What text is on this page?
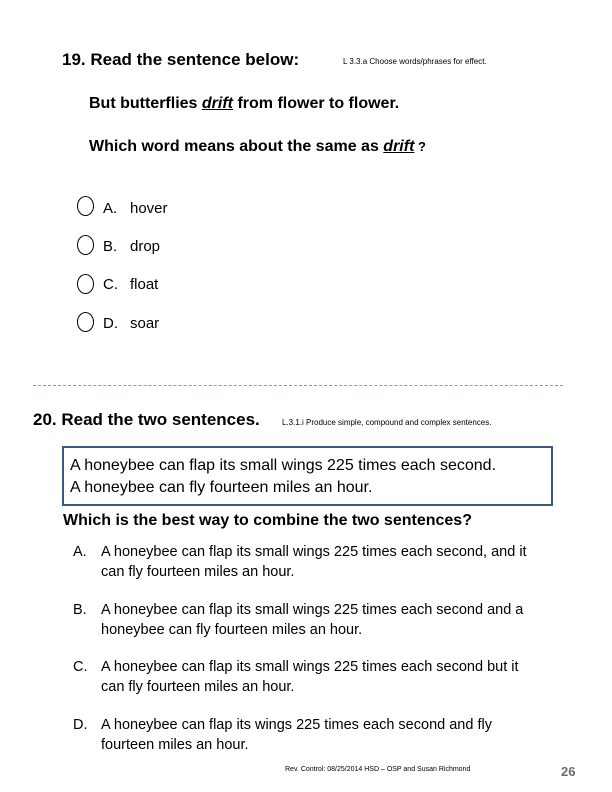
19. Read the sentence below:	L 3.3.a Choose words/phrases for effect.
But butterflies drift from flower to flower.
Which word means about the same as drift ?
A. hover
B. drop
C. float
D. soar
20. Read the two sentences.	L.3.1.i Produce simple, compound and complex sentences.
A honeybee can flap its small wings 225 times each second.
A honeybee can fly fourteen miles an hour.
Which is the best way to combine the two sentences?
A. A honeybee can flap its small wings 225 times each second, and it
can fly fourteen miles an hour.
B. A honeybee can flap its small wings 225 times each second and a
honeybee can fly fourteen miles an hour.
C. A honeybee can flap its small wings 225 times each second but it
can fly fourteen miles an hour.
D. A honeybee can flap its wings 225 times each second and fly
fourteen miles an hour.
Rev. Control: 08/25/2014 HSD – OSP and Susan Richmond	26
